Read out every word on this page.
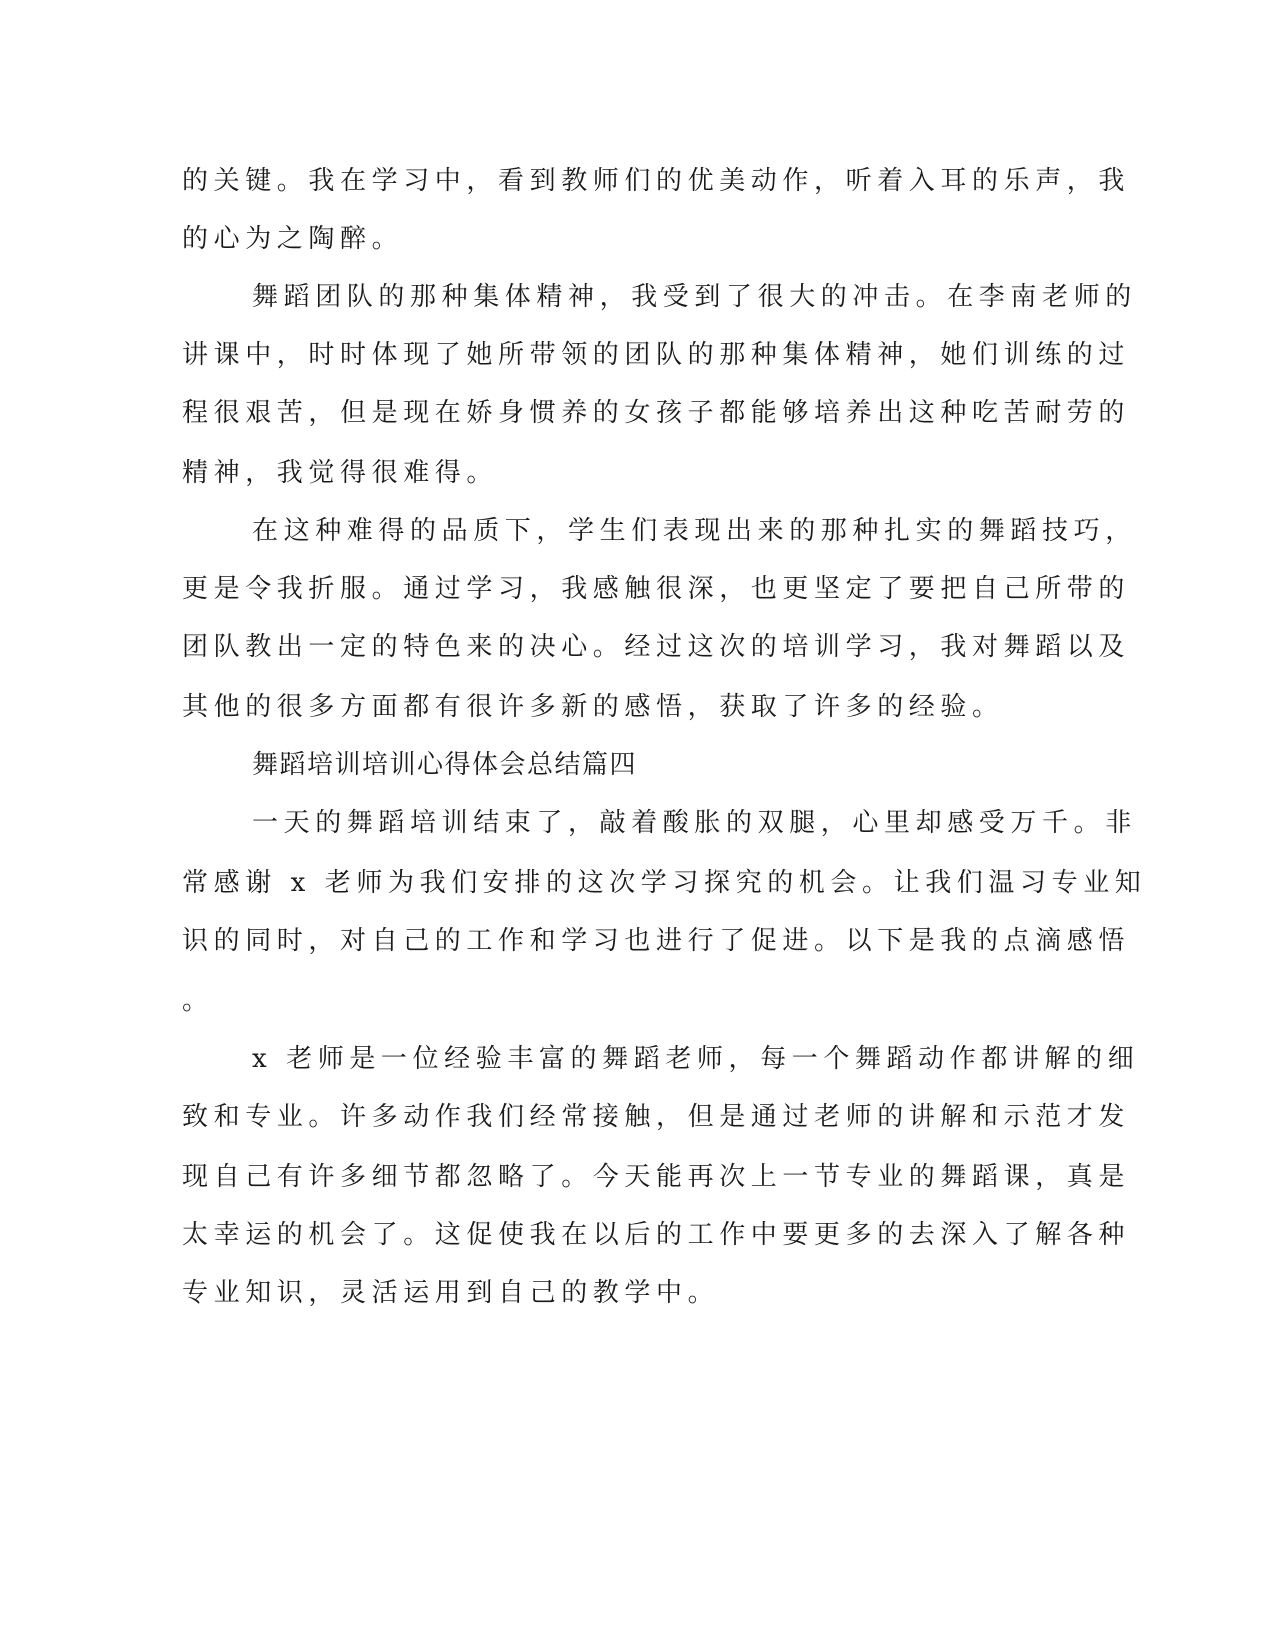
的关键。我在学习中，看到教师们的优美动作，听着入耳的乐声，我
的心为之陶醉。
舞蹈团队的那种集体精神，我受到了很大的冲击。在李南老师的
讲课中，时时体现了她所带领的团队的那种集体精神，她们训练的过
程很艰苦，但是现在娇身惯养的女孩子都能够培养出这种吃苦耐劳的
精神，我觉得很难得。
在这种难得的品质下，学生们表现出来的那种扎实的舞蹈技巧，
更是令我折服。通过学习，我感触很深，也更坚定了要把自己所带的
团队教出一定的特色来的决心。经过这次的培训学习，我对舞蹈以及
其他的很多方面都有很许多新的感悟，获取了许多的经验。
舞蹈培训培训心得体会总结篇四
一天的舞蹈培训结束了，敲着酸胀的双腿，心里却感受万千。非
常感谢 x 老师为我们安排的这次学习探究的机会。让我们温习专业知
识的同时，对自己的工作和学习也进行了促进。以下是我的点滴感悟
。
x 老师是一位经验丰富的舞蹈老师，每一个舞蹈动作都讲解的细
致和专业。许多动作我们经常接触，但是通过老师的讲解和示范才发
现自己有许多细节都忽略了。今天能再次上一节专业的舞蹈课，真是
太幸运的机会了。这促使我在以后的工作中要更多的去深入了解各种
专业知识，灵活运用到自己的教学中。
